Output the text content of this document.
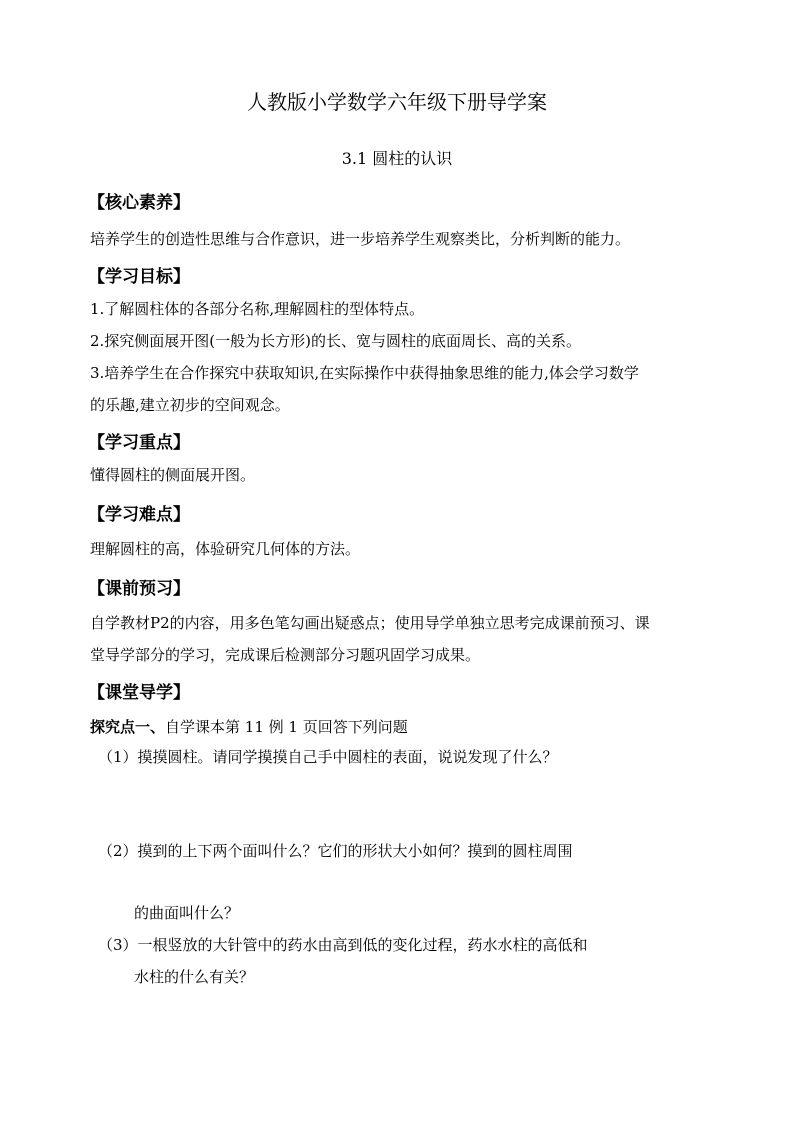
人教版小学数学六年级下册导学案
3.1 圆柱的认识
【核心素养】
培养学生的创造性思维与合作意识，进一步培养学生观察类比，分析判断的能力。
【学习目标】
1.了解圆柱体的各部分名称,理解圆柱的型体特点。
2.探究侧面展开图(一般为长方形)的长、宽与圆柱的底面周长、高的关系。
3.培养学生在合作探究中获取知识,在实际操作中获得抽象思维的能力,体会学习数学
的乐趣,建立初步的空间观念。
【学习重点】
懂得圆柱的侧面展开图。
【学习难点】
理解圆柱的高，体验研究几何体的方法。
【课前预习】
自学教材P2的内容，用多色笔勾画出疑惑点；使用导学单独立思考完成课前预习、课
堂导学部分的学习，完成课后检测部分习题巩固学习成果。
【课堂导学】
探究点一、自学课本第 11 例 1 页回答下列问题
（1）摸摸圆柱。请同学摸摸自己手中圆柱的表面，说说发现了什么？
（2）摸到的上下两个面叫什么？它们的形状大小如何？摸到的圆柱周围
的曲面叫什么？
（3）一根竖放的大针管中的药水由高到低的变化过程，药水水柱的高低和
水柱的什么有关？
